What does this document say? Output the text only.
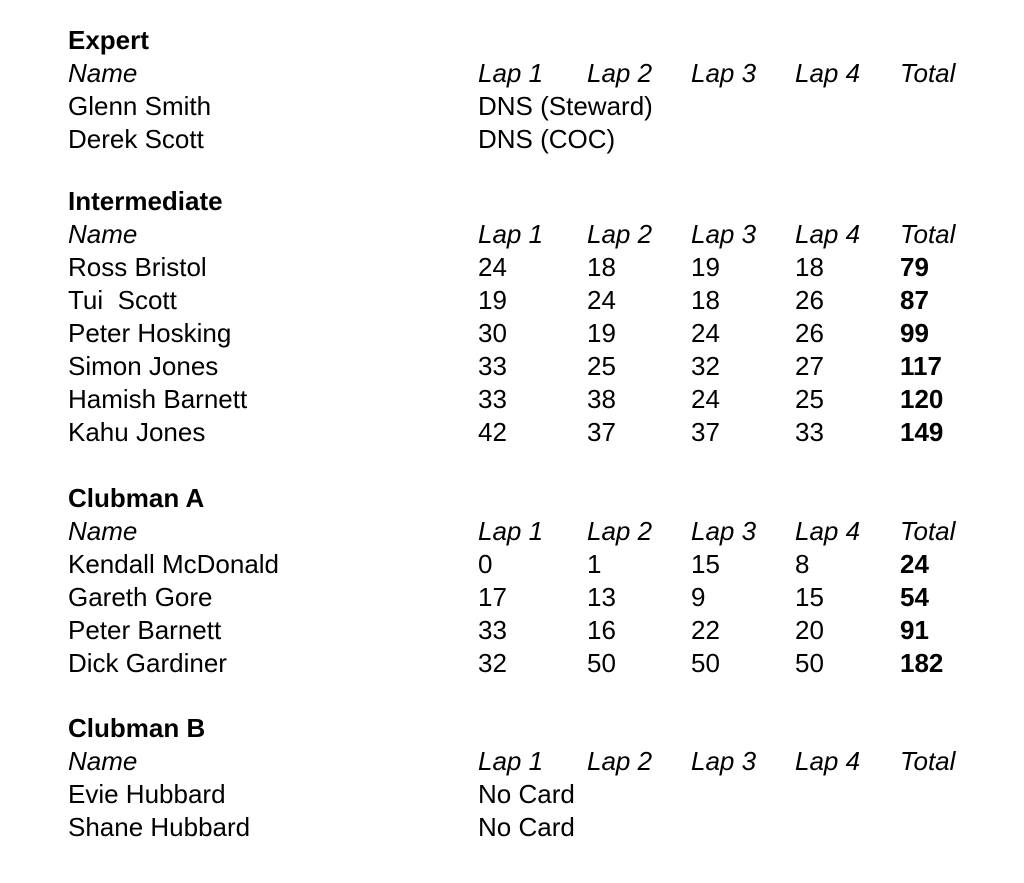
Expert
Name	Lap 1 Lap 2 Lap 3 Lap 4 Total
Glenn Smith	DNS (Steward)
Derek Scott	DNS (COC)
Intermediate
Name	Lap 1 Lap 2 Lap 3 Lap 4 Total
Ross Bristol	24	18	19	18	79
Tui  Scott	19	24	18	26	87
Peter Hosking	30	19	24	26	99
Simon Jones	33	25	32	27	117
Hamish Barnett	33	38	24	25	120
Kahu Jones	42	37	37	33	149
Clubman A
Name	Lap 1 Lap 2 Lap 3 Lap 4 Total
Kendall McDonald	0	1	15	8	24
Gareth Gore	17	13	9	15	54
Peter Barnett	33	16	22	20	91
Dick Gardiner	32	50	50	50	182
Clubman B
Name	Lap 1 Lap 2 Lap 3 Lap 4 Total
Evie Hubbard	No Card
Shane Hubbard	No Card
